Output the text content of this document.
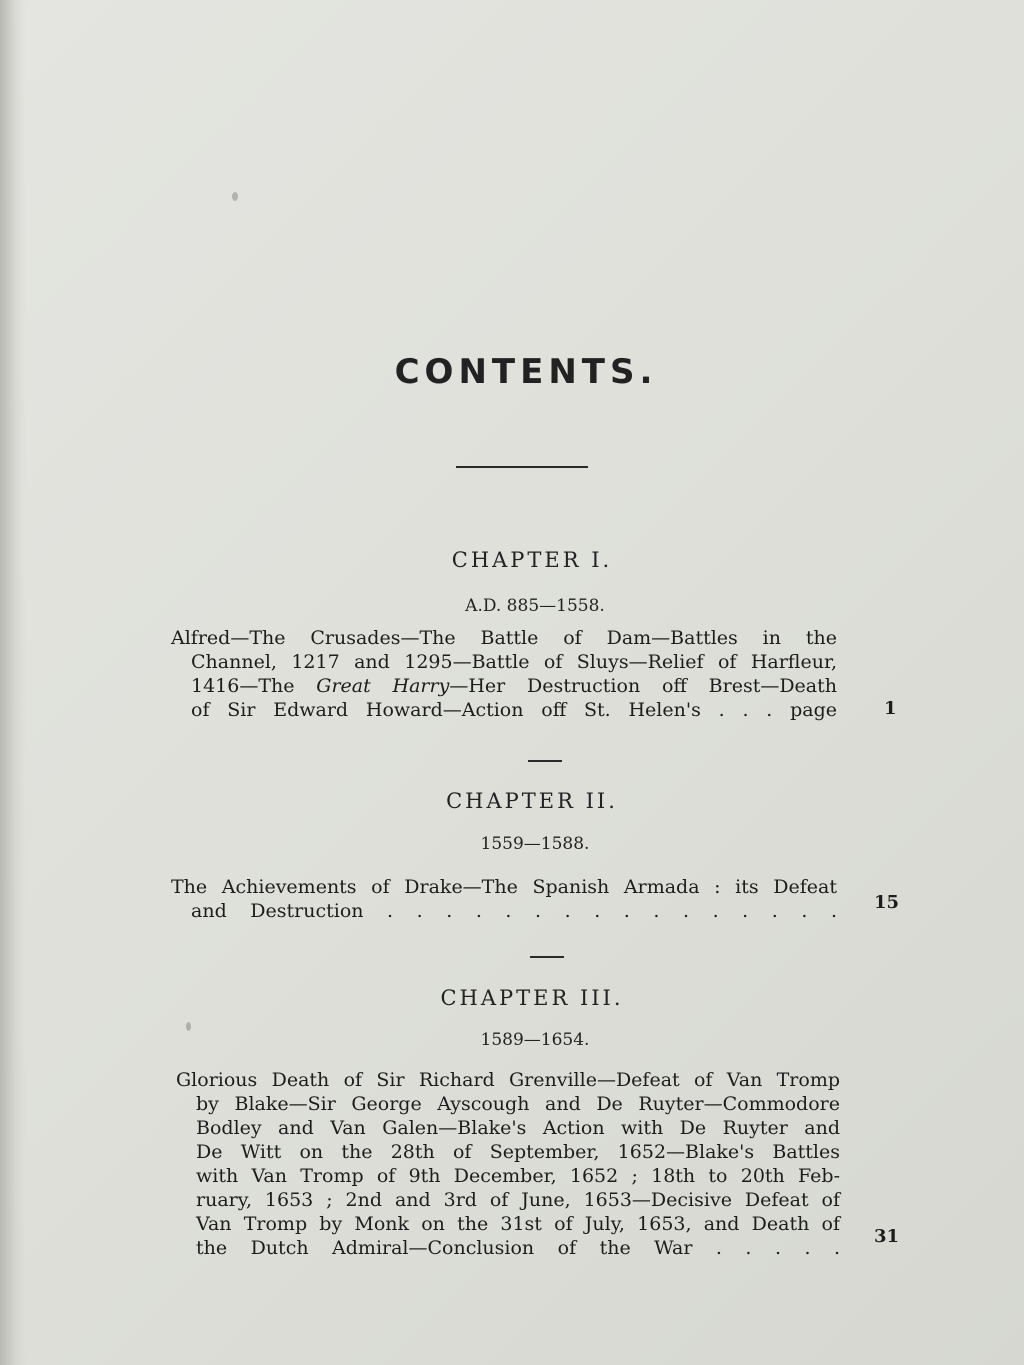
CONTENTS.
CHAPTER I.
A.D. 885—1558.
Alfred—The Crusades—The Battle of Dam—Battles in the
Channel, 1217 and 1295—Battle of Sluys—Relief of Harfleur,
1416—The Great Harry—Her Destruction off Brest—Death
of Sir Edward Howard—Action off St. Helen's . . . page	1
CHAPTER II.
1559—1588.
The Achievements of Drake—The Spanish Armada : its Defeat
and Destruction . . . . . . . . . . . . . . . . 15
CHAPTER III.
1589—1654.
Glorious Death of Sir Richard Grenville—Defeat of Van Tromp
by Blake—Sir George Ayscough and De Ruyter—Commodore
Bodley and Van Galen—Blake's Action with De Ruyter and
De Witt on the 28th of September, 1652—Blake's Battles
with Van Tromp of 9th December, 1652 ; 18th to 20th Feb-
ruary, 1653 ; 2nd and 3rd of June, 1653—Decisive Defeat of
Van Tromp by Monk on the 31st of July, 1653, and Death of
the Dutch Admiral—Conclusion of the War . . . . .
31
